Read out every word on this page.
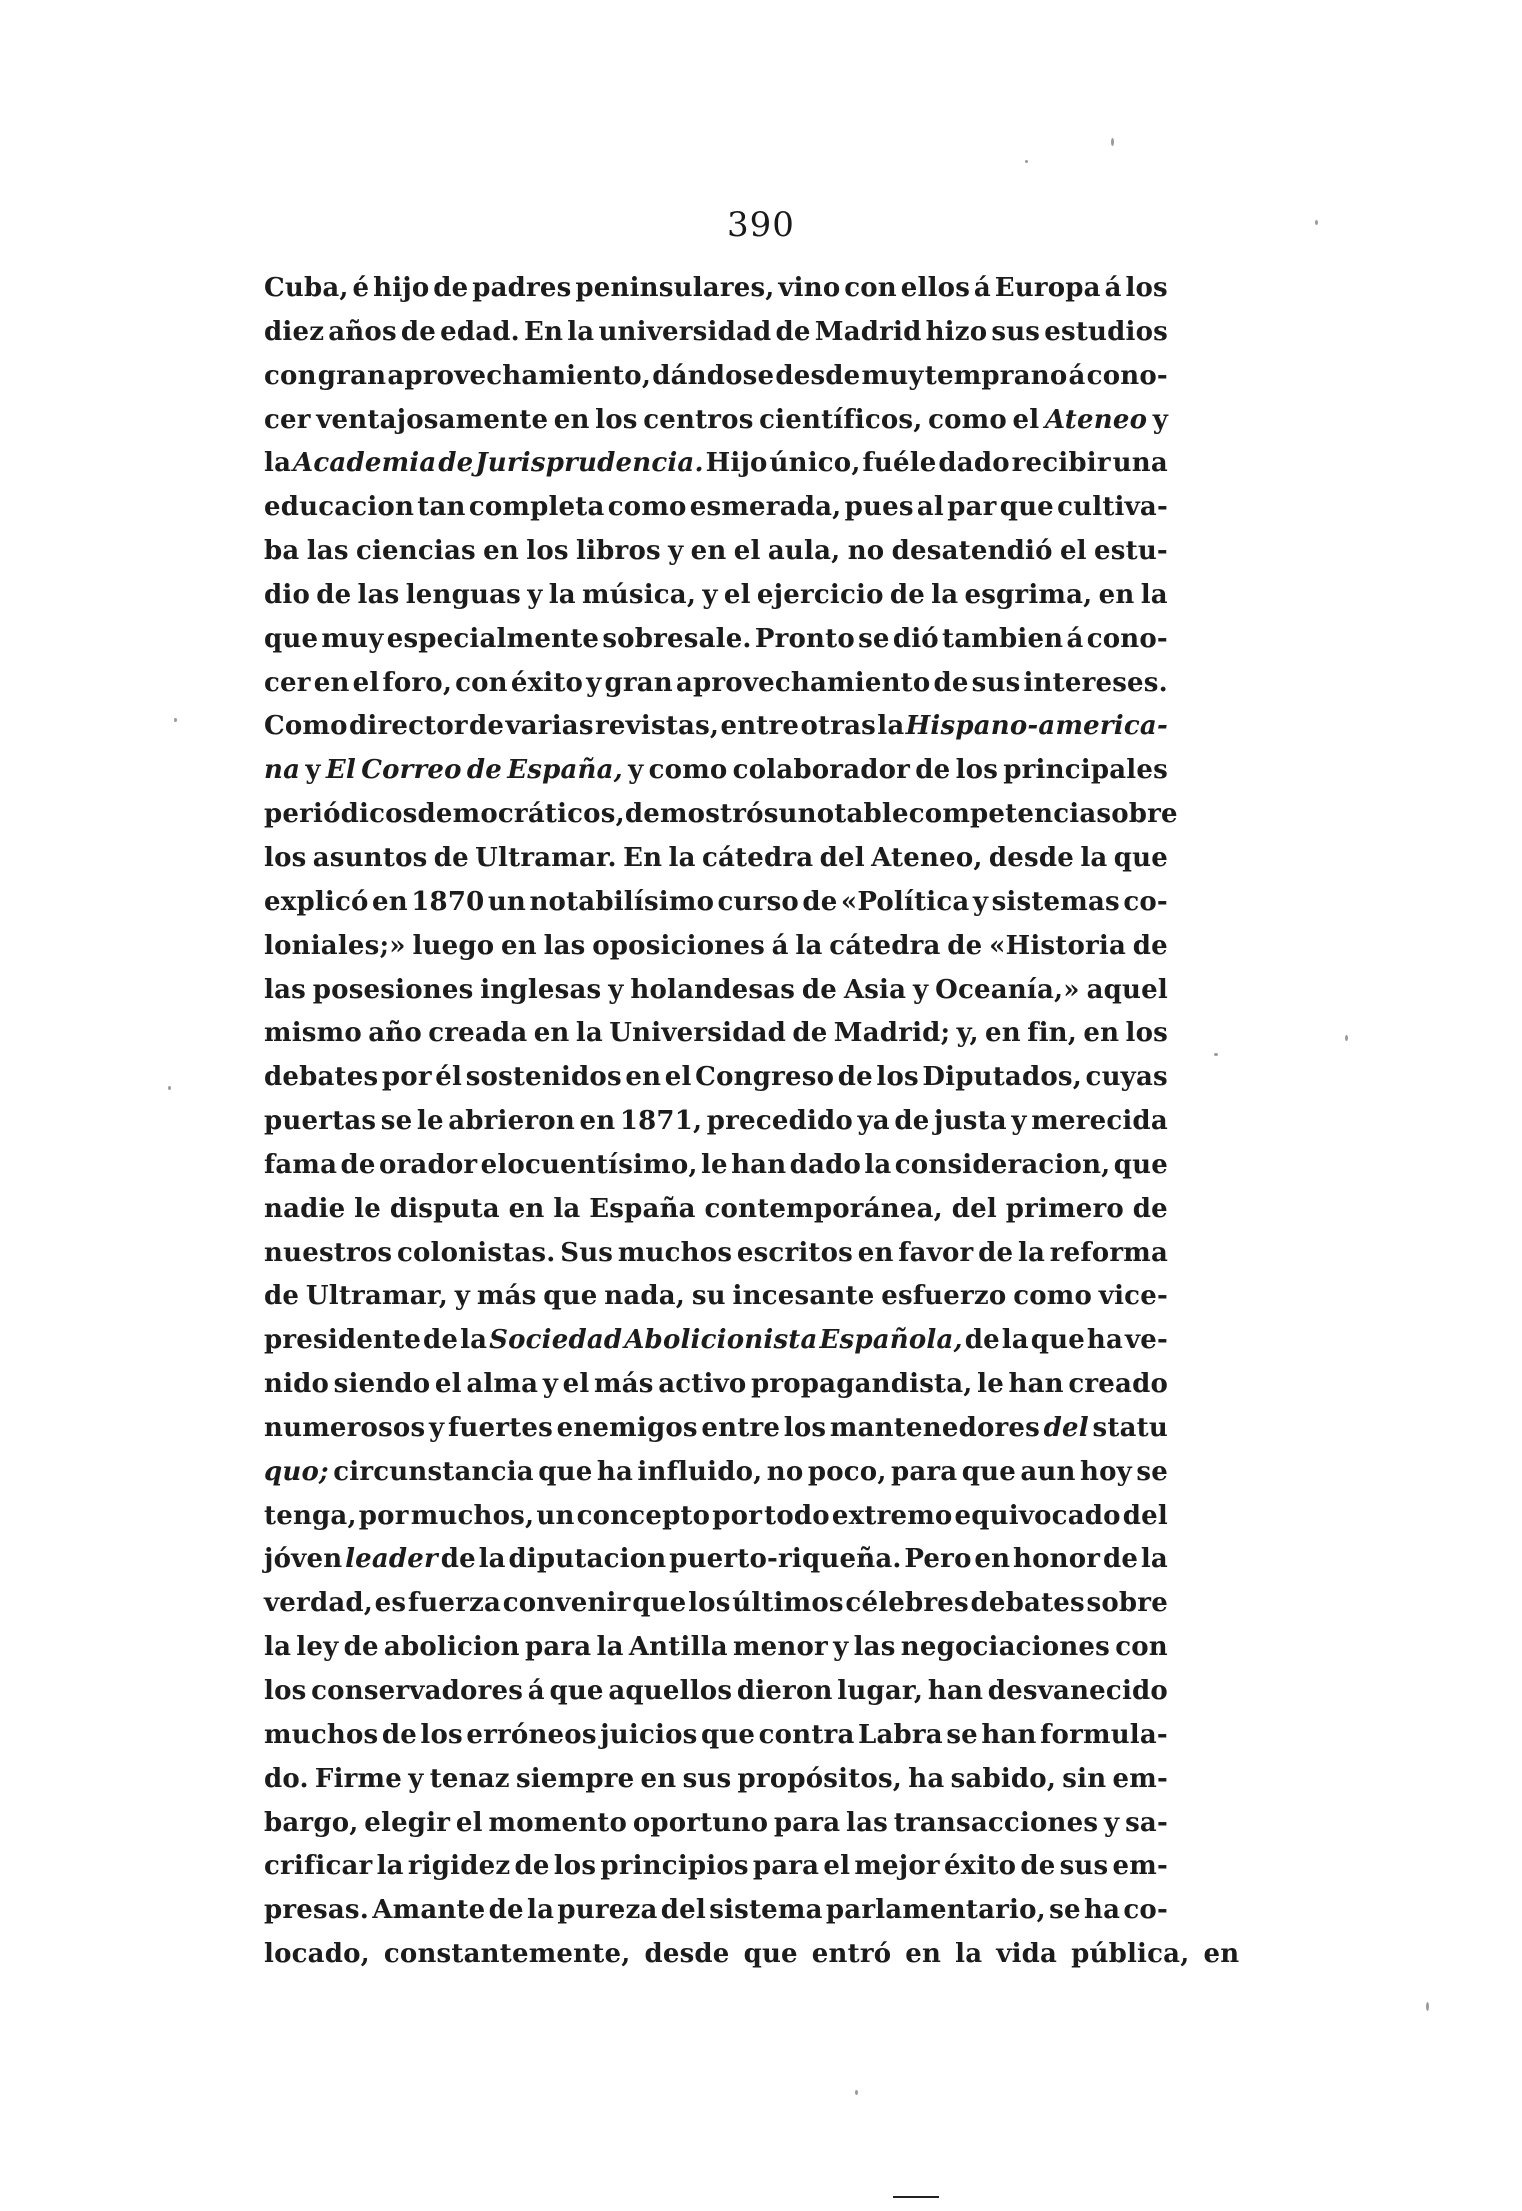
390
Cuba, é hijo de padres peninsulares, vino con ellos á Europa á los
diez años de edad. En la universidad de Madrid hizo sus estudios
con gran aprovechamiento, dándose desde muy temprano á cono-
cer ventajosamente en los centros científicos, como el Ateneo y
la Academia de Jurisprudencia. Hijo único, fuéle dado recibir una
educacion tan completa como esmerada, pues al par que cultiva-
ba las ciencias en los libros y en el aula, no desatendió el estu-
dio de las lenguas y la música, y el ejercicio de la esgrima, en la
que muy especialmente sobresale. Pronto se dió tambien á cono-
cer en el foro, con éxito y gran aprovechamiento de sus intereses.
Como director de varias revistas, entre otras la Hispano-america-
na y El Correo de España, y como colaborador de los principales
periódicos democráticos, demostró su notable competencia sobre
los asuntos de Ultramar. En la cátedra del Ateneo, desde la que
explicó en 1870 un notabilísimo curso de «Política y sistemas co-
loniales;» luego en las oposiciones á la cátedra de «Historia de
las posesiones inglesas y holandesas de Asia y Oceanía,» aquel
mismo año creada en la Universidad de Madrid; y, en fin, en los
debates por él sostenidos en el Congreso de los Diputados, cuyas
puertas se le abrieron en 1871, precedido ya de justa y merecida
fama de orador elocuentísimo, le han dado la consideracion, que
nadie le disputa en la España contemporánea, del primero de
nuestros colonistas. Sus muchos escritos en favor de la reforma
de Ultramar, y más que nada, su incesante esfuerzo como vice-
presidente de la Sociedad Abolicionista Española, de la que ha ve-
nido siendo el alma y el más activo propagandista, le han creado
numerosos y fuertes enemigos entre los mantenedores del statu
quo; circunstancia que ha influido, no poco, para que aun hoy se
tenga, por muchos, un concepto por todo extremo equivocado del
jóven leader de la diputacion puerto-riqueña. Pero en honor de la
verdad, es fuerza convenir que los últimos célebres debates sobre
la ley de abolicion para la Antilla menor y las negociaciones con
los conservadores á que aquellos dieron lugar, han desvanecido
muchos de los erróneos juicios que contra Labra se han formula-
do. Firme y tenaz siempre en sus propósitos, ha sabido, sin em-
bargo, elegir el momento oportuno para las transacciones y sa-
crificar la rigidez de los principios para el mejor éxito de sus em-
presas. Amante de la pureza del sistema parlamentario, se ha co-
locado, constantemente, desde que entró en la vida pública, en
